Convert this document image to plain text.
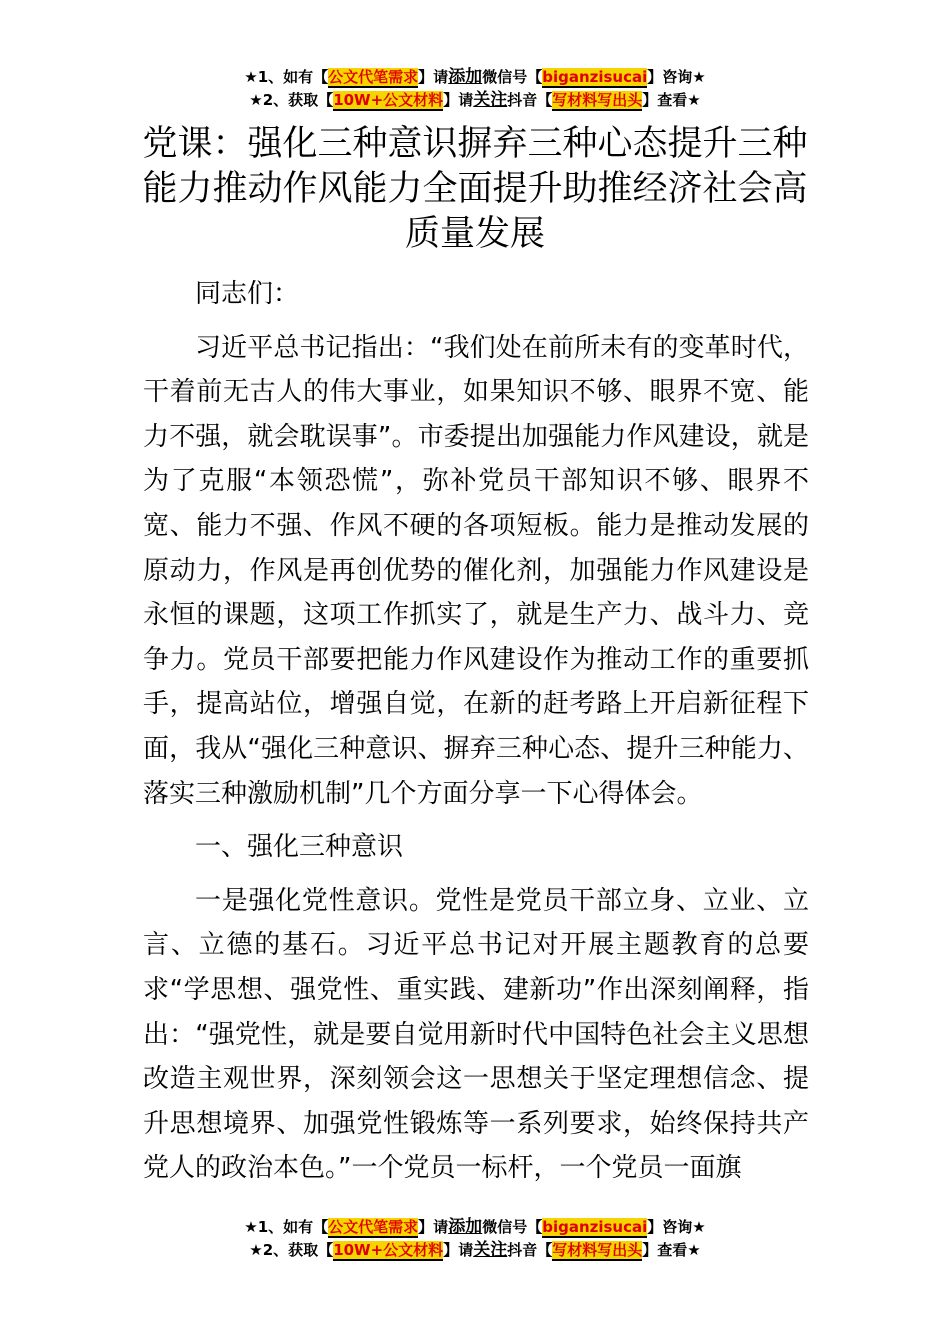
★1、如有【公文代笔需求】请添加微信号【biganzisucai】咨询★
★2、获取【10W+公文材料】请关注抖音【写材料写出头】查看★
党课：强化三种意识摒弃三种心态提升三种能力推动作风能力全面提升助推经济社会高质量发展

同志们：

习近平总书记指出：“我们处在前所未有的变革时代，干着前无古人的伟大事业，如果知识不够、眼界不宽、能力不强，就会耽误事”。市委提出加强能力作风建设，就是为了克服“本领恐慌”，弥补党员干部知识不够、眼界不宽、能力不强、作风不硬的各项短板。能力是推动发展的原动力，作风是再创优势的催化剂，加强能力作风建设是永恒的课题，这项工作抓实了，就是生产力、战斗力、竞争力。党员干部要把能力作风建设作为推动工作的重要抓手，提高站位，增强自觉，在新的赶考路上开启新征程下面，我从“强化三种意识、摒弃三种心态、提升三种能力、落实三种激励机制”几个方面分享一下心得体会。

一、强化三种意识

一是强化党性意识。党性是党员干部立身、立业、立言、立德的基石。习近平总书记对开展主题教育的总要求“学思想、强党性、重实践、建新功”作出深刻阐释，指出：“强党性，就是要自觉用新时代中国特色社会主义思想改造主观世界，深刻领会这一思想关于坚定理想信念、提升思想境界、加强党性锻炼等一系列要求，始终保持共产党人的政治本色。”一个党员一标杆，一个党员一面旗

★1、如有【公文代笔需求】请添加微信号【biganzisucai】咨询★
★2、获取【10W+公文材料】请关注抖音【写材料写出头】查看★
